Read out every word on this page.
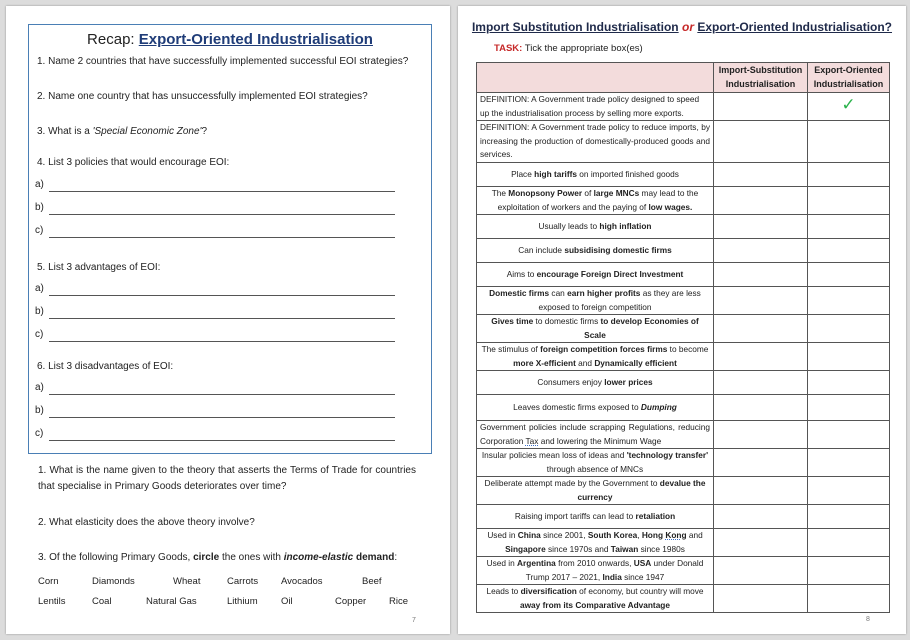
Recap: Export-Oriented Industrialisation
1. Name 2 countries that have successfully implemented successful EOI strategies?
2. Name one country that has unsuccessfully implemented EOI strategies?
3. What is a 'Special Economic Zone'?
4. List 3 policies that would encourage EOI:
a)
b)
c)
5. List 3 advantages of EOI:
a)
b)
c)
6. List 3 disadvantages of EOI:
a)
b)
c)
1. What is the name given to the theory that asserts the Terms of Trade for countries that specialise in Primary Goods deteriorates over time?
2. What elasticity does the above theory involve?
3. Of the following Primary Goods, circle the ones with income-elastic demand:
Corn	Diamonds	Wheat	Carrots Avocados	Beef
Lentils	Coal	Natural Gas	Lithium Oil	Copper Rice
7
Import Substitution Industrialisation or Export-Oriented Industrialisation?
TASK: Tick the appropriate box(es)
	Import-Substitution Industrialisation	Export-Oriented Industrialisation
DEFINITION: A Government trade policy designed to speed up the industrialisation process by selling more exports.		✓
DEFINITION: A Government trade policy to reduce imports, by increasing the production of domestically-produced goods and services.		
Place high tariffs on imported finished goods		
The Monopsony Power of large MNCs may lead to the exploitation of workers and the paying of low wages.		
Usually leads to high inflation		
Can include subsidising domestic firms		
Aims to encourage Foreign Direct Investment		
Domestic firms can earn higher profits as they are less exposed to foreign competition		
Gives time to domestic firms to develop Economies of Scale		
The stimulus of foreign competition forces firms to become more X-efficient and Dynamically efficient		
Consumers enjoy lower prices		
Leaves domestic firms exposed to Dumping		
Government policies include scrapping Regulations, reducing Corporation Tax and lowering the Minimum Wage		
Insular policies mean loss of ideas and 'technology transfer' through absence of MNCs		
Deliberate attempt made by the Government to devalue the currency		
Raising import tariffs can lead to retaliation		
Used in China since 2001, South Korea, Hong Kong and Singapore since 1970s and Taiwan since 1980s		
Used in Argentina from 2010 onwards, USA under Donald Trump 2017 – 2021, India since 1947		
Leads to diversification of economy, but country will move away from its Comparative Advantage		
8
